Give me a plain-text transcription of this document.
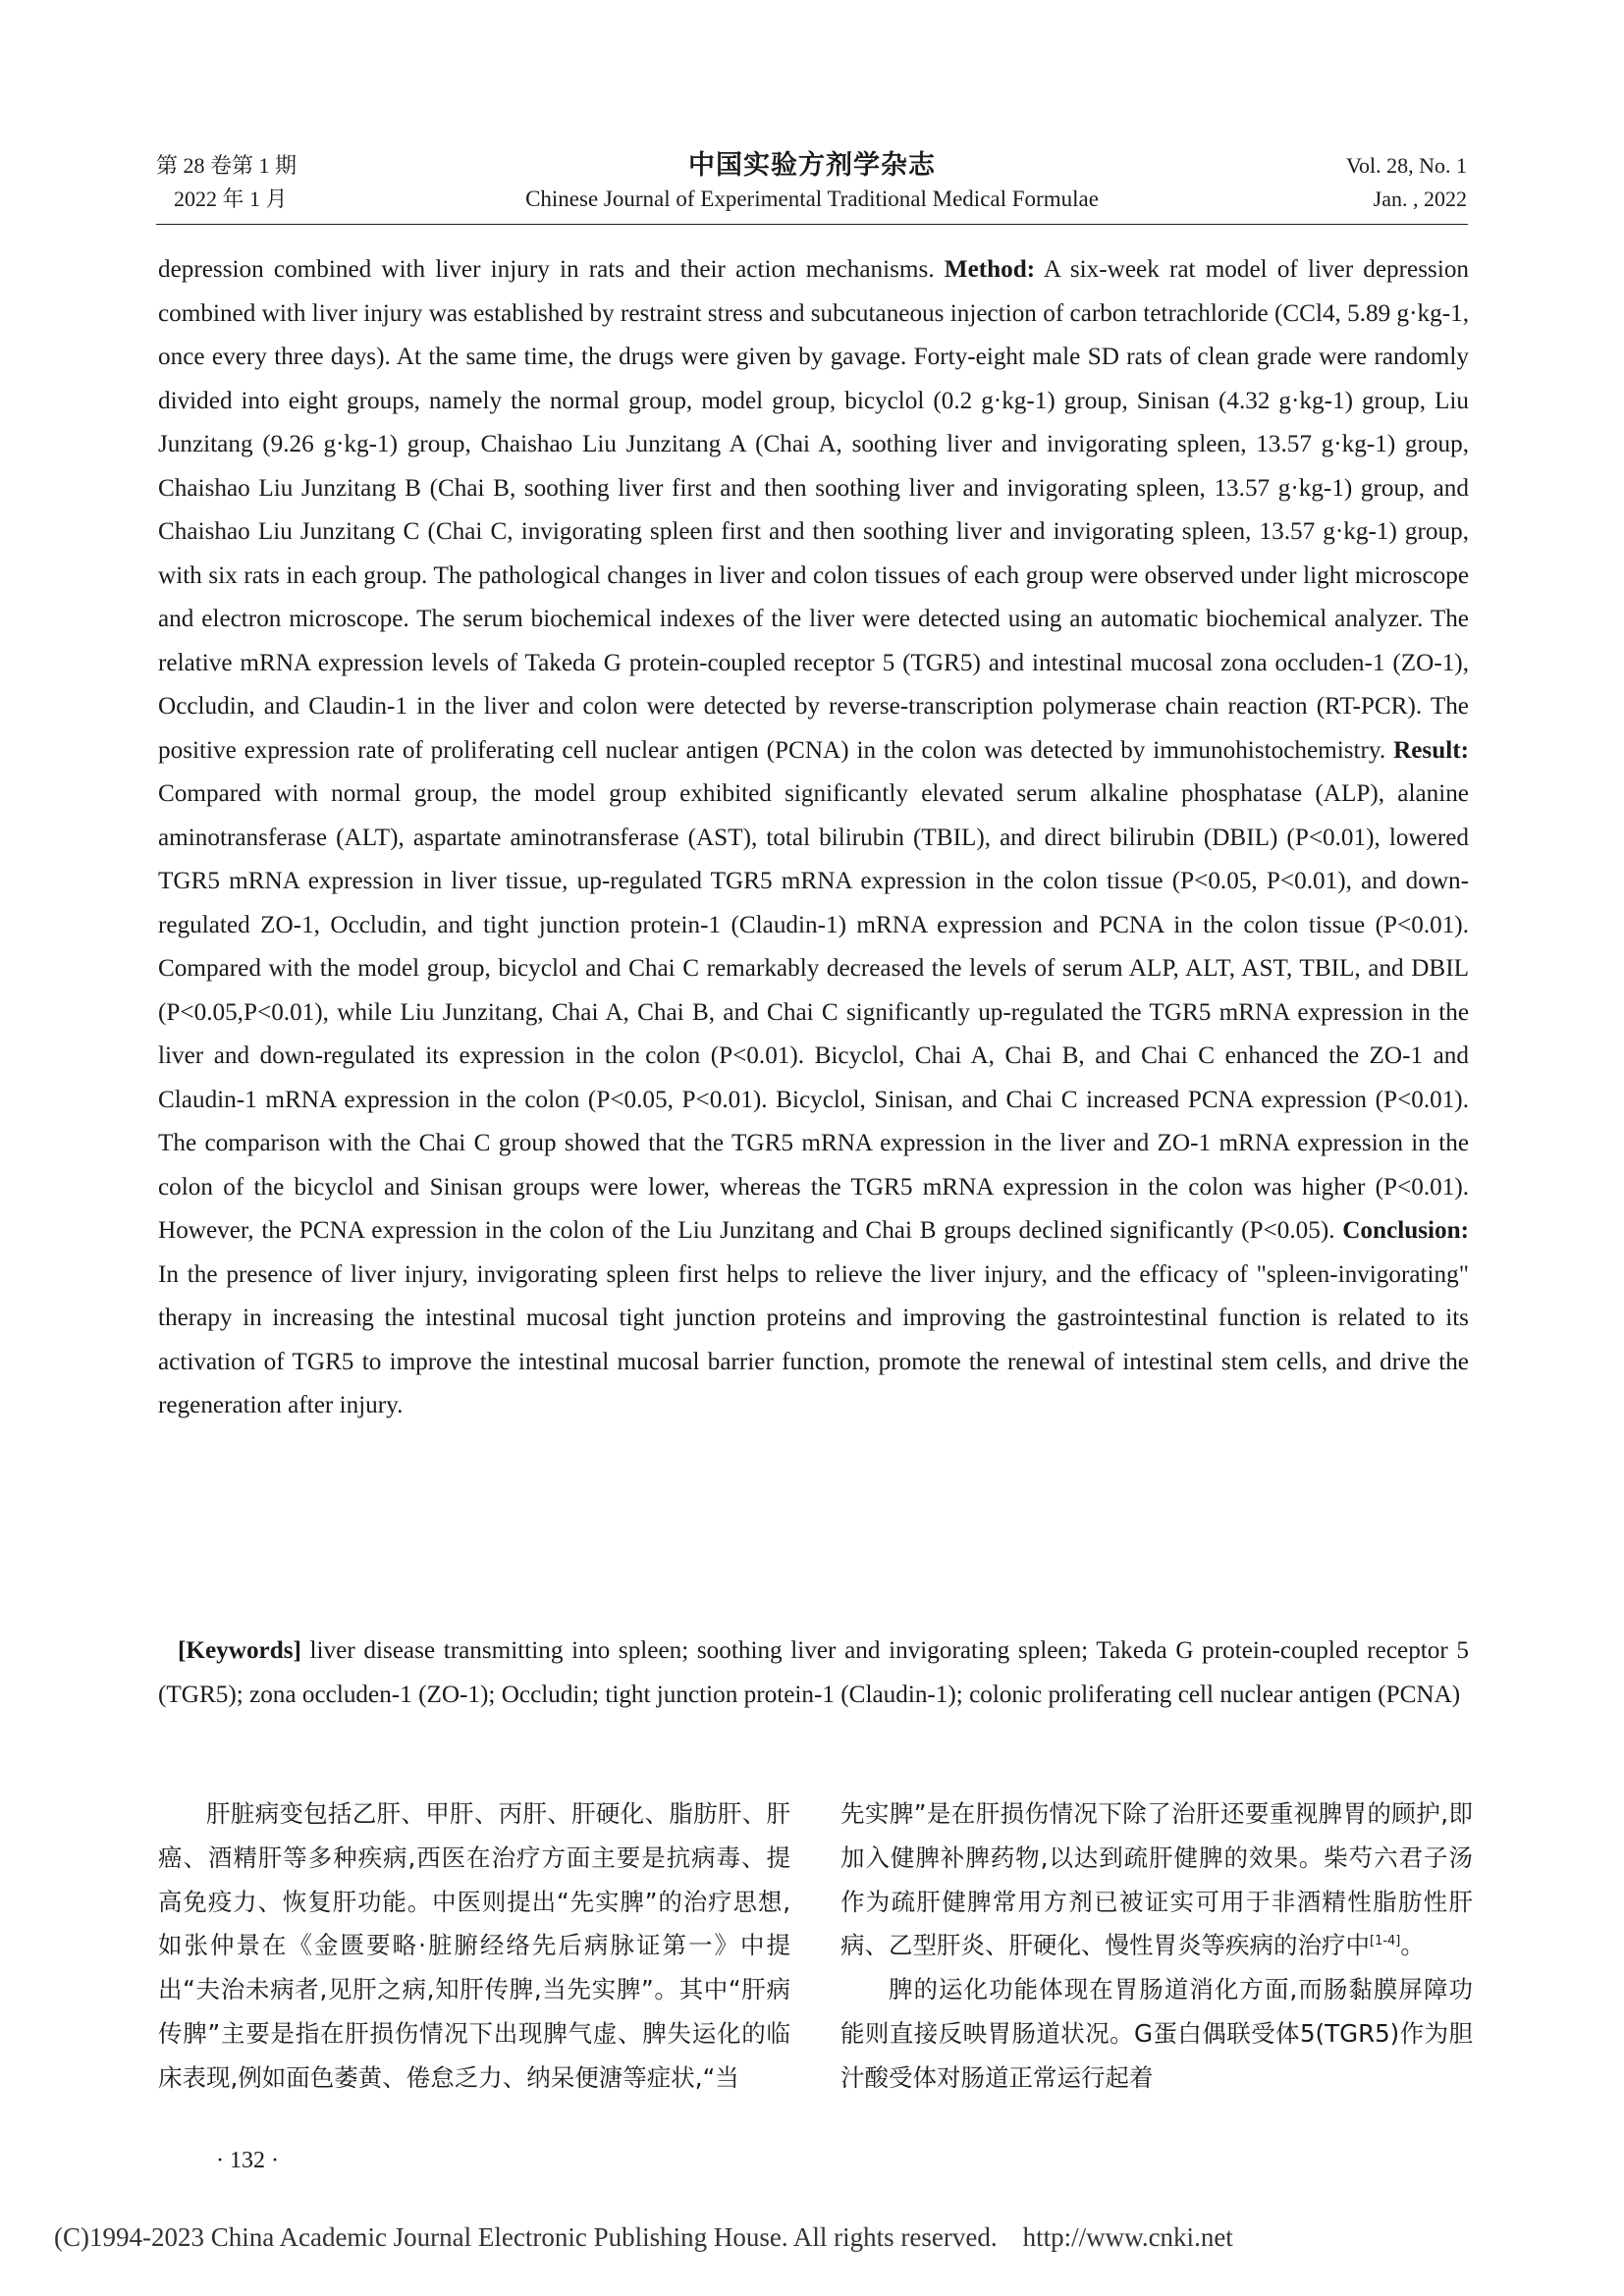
第 28 卷第 1 期
2022 年 1 月
中国实验方剂学杂志
Chinese Journal of Experimental Traditional Medical Formulae
Vol. 28, No. 1
Jan. , 2022

depression combined with liver injury in rats and their action mechanisms. Method: A six-week rat model of liver depression combined with liver injury was established by restraint stress and subcutaneous injection of carbon tetrachloride (CCl4, 5.89 g·kg-1, once every three days). At the same time, the drugs were given by gavage. Forty-eight male SD rats of clean grade were randomly divided into eight groups, namely the normal group, model group, bicyclol (0.2 g·kg-1) group, Sinisan (4.32 g·kg-1) group, Liu Junzitang (9.26 g·kg-1) group, Chaishao Liu Junzitang A (Chai A, soothing liver and invigorating spleen, 13.57 g·kg-1) group, Chaishao Liu Junzitang B (Chai B, soothing liver first and then soothing liver and invigorating spleen, 13.57 g·kg-1) group, and Chaishao Liu Junzitang C (Chai C, invigorating spleen first and then soothing liver and invigorating spleen, 13.57 g·kg-1) group, with six rats in each group. The pathological changes in liver and colon tissues of each group were observed under light microscope and electron microscope. The serum biochemical indexes of the liver were detected using an automatic biochemical analyzer. The relative mRNA expression levels of Takeda G protein-coupled receptor 5 (TGR5) and intestinal mucosal zona occluden-1 (ZO-1), Occludin, and Claudin-1 in the liver and colon were detected by reverse-transcription polymerase chain reaction (RT-PCR). The positive expression rate of proliferating cell nuclear antigen (PCNA) in the colon was detected by immunohistochemistry. Result: Compared with normal group, the model group exhibited significantly elevated serum alkaline phosphatase (ALP), alanine aminotransferase (ALT), aspartate aminotransferase (AST), total bilirubin (TBIL), and direct bilirubin (DBIL) (P<0.01), lowered TGR5 mRNA expression in liver tissue, up-regulated TGR5 mRNA expression in the colon tissue (P<0.05, P<0.01), and down-regulated ZO-1, Occludin, and tight junction protein-1 (Claudin-1) mRNA expression and PCNA in the colon tissue (P<0.01). Compared with the model group, bicyclol and Chai C remarkably decreased the levels of serum ALP, ALT, AST, TBIL, and DBIL (P<0.05,P<0.01), while Liu Junzitang, Chai A, Chai B, and Chai C significantly up-regulated the TGR5 mRNA expression in the liver and down-regulated its expression in the colon (P<0.01). Bicyclol, Chai A, Chai B, and Chai C enhanced the ZO-1 and Claudin-1 mRNA expression in the colon (P<0.05, P<0.01). Bicyclol, Sinisan, and Chai C increased PCNA expression (P<0.01). The comparison with the Chai C group showed that the TGR5 mRNA expression in the liver and ZO-1 mRNA expression in the colon of the bicyclol and Sinisan groups were lower, whereas the TGR5 mRNA expression in the colon was higher (P<0.01). However, the PCNA expression in the colon of the Liu Junzitang and Chai B groups declined significantly (P<0.05). Conclusion: In the presence of liver injury, invigorating spleen first helps to relieve the liver injury, and the efficacy of "spleen-invigorating" therapy in increasing the intestinal mucosal tight junction proteins and improving the gastrointestinal function is related to its activation of TGR5 to improve the intestinal mucosal barrier function, promote the renewal of intestinal stem cells, and drive the regeneration after injury.

[Keywords] liver disease transmitting into spleen; soothing liver and invigorating spleen; Takeda G protein-coupled receptor 5 (TGR5); zona occluden-1 (ZO-1); Occludin; tight junction protein-1 (Claudin-1); colonic proliferating cell nuclear antigen (PCNA)

肝脏病变包括乙肝、甲肝、丙肝、肝硬化、脂肪肝、肝癌、酒精肝等多种疾病,西医在治疗方面主要是抗病毒、提高免疫力、恢复肝功能。中医则提出“先实脾”的治疗思想,如张仲景在《金匮要略·脏腑经络先后病脉证第一》中提出“夫治未病者,见肝之病,知肝传脾,当先实脾”。其中“肝病传脾”主要是指在肝损伤情况下出现脾气虚、脾失运化的临床表现,例如面色萎黄、倦怠乏力、纳呆便溏等症状,“当

先实脾”是在肝损伤情况下除了治肝还要重视脾胃的顾护,即加入健脾补脾药物,以达到疏肝健脾的效果。柴芍六君子汤作为疏肝健脾常用方剂已被证实可用于非酒精性脂肪性肝病、乙型肝炎、肝硬化、慢性胃炎等疾病的治疗中[1-4]。

脾的运化功能体现在胃肠道消化方面,而肠黏膜屏障功能则直接反映胃肠道状况。G蛋白偶联受体5(TGR5)作为胆汁酸受体对肠道正常运行起着

· 132 ·
(C)1994-2023 China Academic Journal Electronic Publishing House. All rights reserved. http://www.cnki.net
